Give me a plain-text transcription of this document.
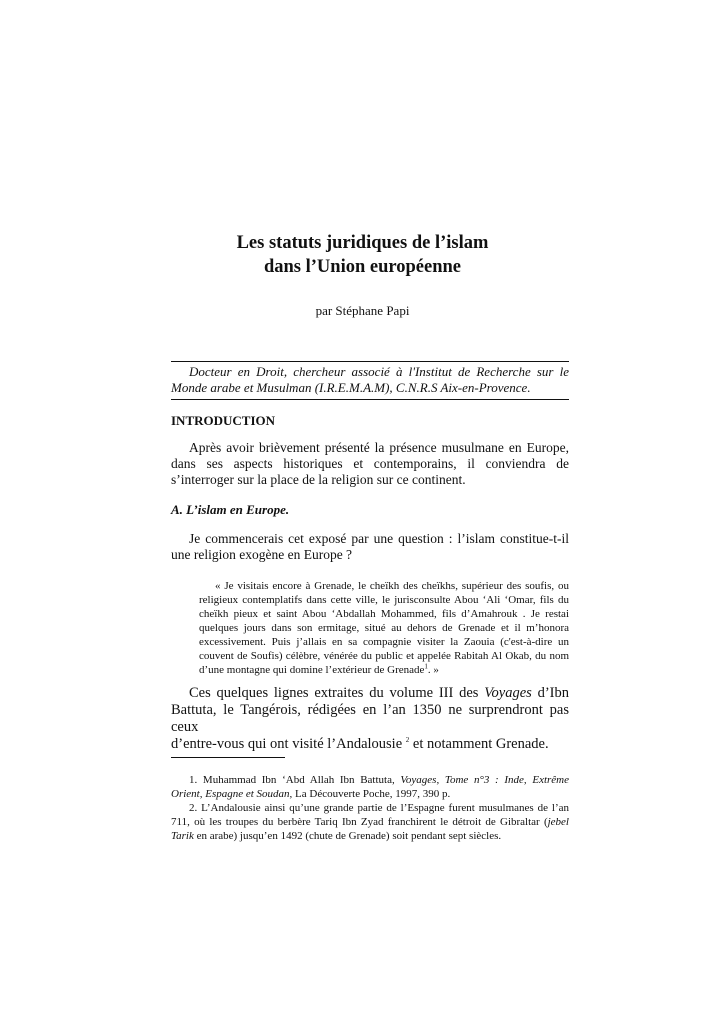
Les statuts juridiques de l’islam
dans l’Union européenne
par Stéphane Papi
Docteur en Droit, chercheur associé à l'Institut de Recherche sur le
Monde arabe et Musulman (I.R.E.M.A.M), C.N.R.S Aix-en-Provence.
INTRODUCTION
Après avoir brièvement présenté la présence musulmane en Europe,
dans ses aspects historiques et contemporains, il conviendra de
s’interroger sur la place de la religion sur ce continent.
A. L’islam en Europe.
Je commencerais cet exposé par une question : l’islam constitue-t-il
une religion exogène en Europe ?
« Je visitais encore à Grenade, le cheïkh des cheïkhs, supérieur des soufis, ou
religieux contemplatifs dans cette ville, le jurisconsulte Abou ‘Ali ‘Omar, fils du
cheïkh pieux et saint Abou ‘Abdallah Mohammed, fils d’Amahrouk . Je restai
quelques jours dans son ermitage, situé au dehors de Grenade et il m’honora
excessivement. Puis j’allais en sa compagnie visiter la Zaouia (c'est-à-dire un
couvent de Soufis) célèbre, vénérée du public et appelée Rabitah Al Okab, du nom
d’une montagne qui domine l’extérieur de Grenade$^1$. »
Ces quelques lignes extraites du volume III des Voyages d’Ibn
Battuta, le Tangérois, rédigées en l’an 1350 ne surprendront pas ceux
d’entre-vous qui ont visité l’Andalousie $^2$ et notamment Grenade.
1. Muhammad Ibn ‘Abd Allah Ibn Battuta, Voyages, Tome n°3 : Inde, Extrême
Orient, Espagne et Soudan, La Découverte Poche, 1997, 390 p.
2. L’Andalousie ainsi qu’une grande partie de l’Espagne furent musulmanes de l’an
711, où les troupes du berbère Tariq Ibn Zyad franchirent le détroit de Gibraltar (jebel
Tarik en arabe) jusqu’en 1492 (chute de Grenade) soit pendant sept siècles.
